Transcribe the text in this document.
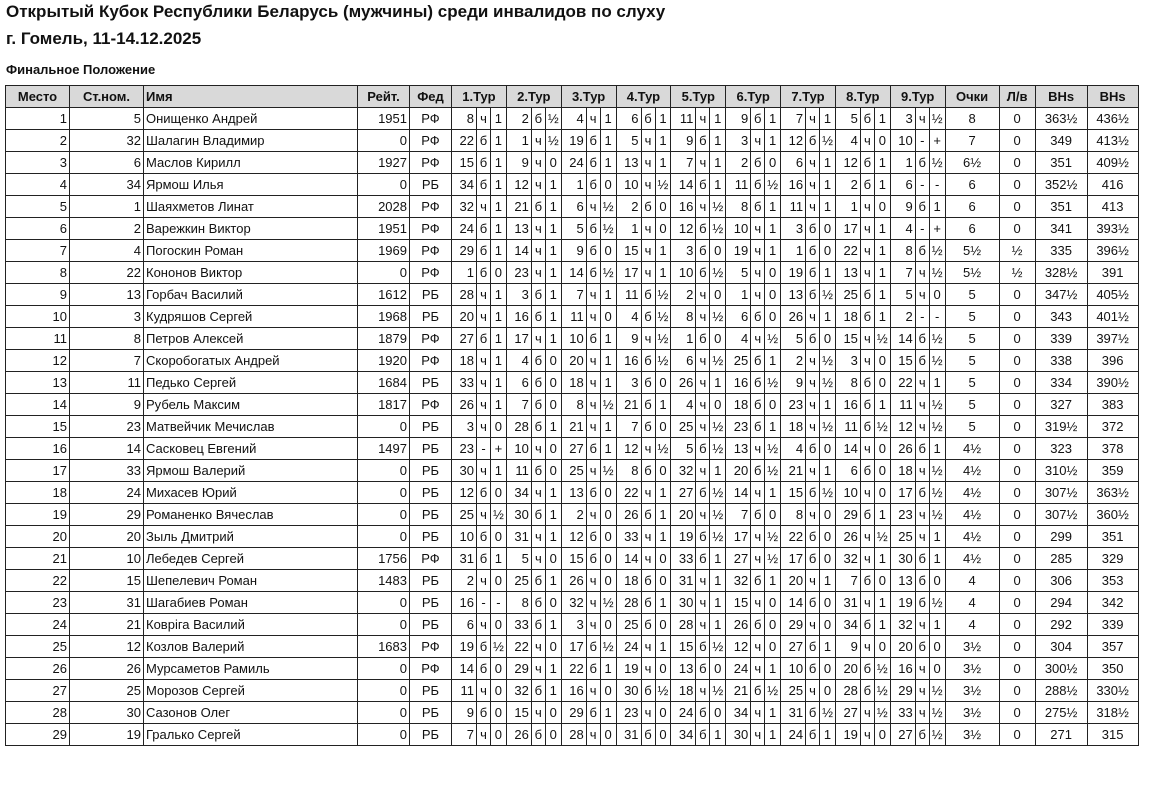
Открытый Кубок Республики Беларусь (мужчины) среди инвалидов по слуху
г. Гомель, 11-14.12.2025
Финальное Положение
Место	Ст.ном.	Имя	Рейт.	Фед	1.Тур			2.Тур			3.Тур			4.Тур			5.Тур			6.Тур			7.Тур			8.Тур			9.Тур			Очки	Л/в	BHs	BHs
1	5	Онищенко Андрей	1951	РФ	8	ч	1	2	б	½	4	ч	1	6	б	1	11	ч	1	9	б	1	7	ч	1	5	б	1	3	ч	½	8	0	363½	436½
2	32	Шалагин Владимир	0	РФ	22	б	1	1	ч	½	19	б	1	5	ч	1	9	б	1	3	ч	1	12	б	½	4	ч	0	10	-	+	7	0	349	413½
3	6	Маслов Кирилл	1927	РФ	15	б	1	9	ч	0	24	б	1	13	ч	1	7	ч	1	2	б	0	6	ч	1	12	б	1	1	б	½	6½	0	351	409½
4	34	Ярмош Илья	0	РБ	34	б	1	12	ч	1	1	б	0	10	ч	½	14	б	1	11	б	½	16	ч	1	2	б	1	6	-	-	6	0	352½	416
5	1	Шаяхметов Линат	2028	РФ	32	ч	1	21	б	1	6	ч	½	2	б	0	16	ч	½	8	б	1	11	ч	1	1	ч	0	9	б	1	6	0	351	413
6	2	Варежкин Виктор	1951	РФ	24	б	1	13	ч	1	5	б	½	1	ч	0	12	б	½	10	ч	1	3	б	0	17	ч	1	4	-	+	6	0	341	393½
7	4	Погоскин Роман	1969	РФ	29	б	1	14	ч	1	9	б	0	15	ч	1	3	б	0	19	ч	1	1	б	0	22	ч	1	8	б	½	5½	½	335	396½
8	22	Кононов Виктор	0	РФ	1	б	0	23	ч	1	14	б	½	17	ч	1	10	б	½	5	ч	0	19	б	1	13	ч	1	7	ч	½	5½	½	328½	391
9	13	Горбач Василий	1612	РБ	28	ч	1	3	б	1	7	ч	1	11	б	½	2	ч	0	1	ч	0	13	б	½	25	б	1	5	ч	0	5	0	347½	405½
10	3	Кудряшов Сергей	1968	РБ	20	ч	1	16	б	1	11	ч	0	4	б	½	8	ч	½	6	б	0	26	ч	1	18	б	1	2	-	-	5	0	343	401½
11	8	Петров Алексей	1879	РФ	27	б	1	17	ч	1	10	б	1	9	ч	½	1	б	0	4	ч	½	5	б	0	15	ч	½	14	б	½	5	0	339	397½
12	7	Скоробогатых Андрей	1920	РФ	18	ч	1	4	б	0	20	ч	1	16	б	½	6	ч	½	25	б	1	2	ч	½	3	ч	0	15	б	½	5	0	338	396
13	11	Педько Сергей	1684	РБ	33	ч	1	6	б	0	18	ч	1	3	б	0	26	ч	1	16	б	½	9	ч	½	8	б	0	22	ч	1	5	0	334	390½
14	9	Рубель Максим	1817	РФ	26	ч	1	7	б	0	8	ч	½	21	б	1	4	ч	0	18	б	0	23	ч	1	16	б	1	11	ч	½	5	0	327	383
15	23	Матвейчик Мечислав	0	РБ	3	ч	0	28	б	1	21	ч	1	7	б	0	25	ч	½	23	б	1	18	ч	½	11	б	½	12	ч	½	5	0	319½	372
16	14	Сасковец Евгений	1497	РБ	23	-	+	10	ч	0	27	б	1	12	ч	½	5	б	½	13	ч	½	4	б	0	14	ч	0	26	б	1	4½	0	323	378
17	33	Ярмош Валерий	0	РБ	30	ч	1	11	б	0	25	ч	½	8	б	0	32	ч	1	20	б	½	21	ч	1	6	б	0	18	ч	½	4½	0	310½	359
18	24	Михасев Юрий	0	РБ	12	б	0	34	ч	1	13	б	0	22	ч	1	27	б	½	14	ч	1	15	б	½	10	ч	0	17	б	½	4½	0	307½	363½
19	29	Романенко Вячеслав	0	РБ	25	ч	½	30	б	1	2	ч	0	26	б	1	20	ч	½	7	б	0	8	ч	0	29	б	1	23	ч	½	4½	0	307½	360½
20	20	Зыль Дмитрий	0	РБ	10	б	0	31	ч	1	12	б	0	33	ч	1	19	б	½	17	ч	½	22	б	0	26	ч	½	25	ч	1	4½	0	299	351
21	10	Лебедев Сергей	1756	РФ	31	б	1	5	ч	0	15	б	0	14	ч	0	33	б	1	27	ч	½	17	б	0	32	ч	1	30	б	1	4½	0	285	329
22	15	Шепелевич Роман	1483	РБ	2	ч	0	25	б	1	26	ч	0	18	б	0	31	ч	1	32	б	1	20	ч	1	7	б	0	13	б	0	4	0	306	353
23	31	Шагабиев Роман	0	РБ	16	-	-	8	б	0	32	ч	½	28	б	1	30	ч	1	15	ч	0	14	б	0	31	ч	1	19	б	½	4	0	294	342
24	21	Ковріга Василий	0	РБ	6	ч	0	33	б	1	3	ч	0	25	б	0	28	ч	1	26	б	0	29	ч	0	34	б	1	32	ч	1	4	0	292	339
25	12	Козлов Валерий	1683	РФ	19	б	½	22	ч	0	17	б	½	24	ч	1	15	б	½	12	ч	0	27	б	1	9	ч	0	20	б	0	3½	0	304	357
26	26	Мурсаметов Рамиль	0	РФ	14	б	0	29	ч	1	22	б	1	19	ч	0	13	б	0	24	ч	1	10	б	0	20	б	½	16	ч	0	3½	0	300½	350
27	25	Морозов Сергей	0	РБ	11	ч	0	32	б	1	16	ч	0	30	б	½	18	ч	½	21	б	½	25	ч	0	28	б	½	29	ч	½	3½	0	288½	330½
28	30	Сазонов Олег	0	РБ	9	б	0	15	ч	0	29	б	1	23	ч	0	24	б	0	34	ч	1	31	б	½	27	ч	½	33	ч	½	3½	0	275½	318½
29	19	Гралько Сергей	0	РБ	7	ч	0	26	б	0	28	ч	0	31	б	0	34	б	1	30	ч	1	24	б	1	19	ч	0	27	б	½	3½	0	271	315
